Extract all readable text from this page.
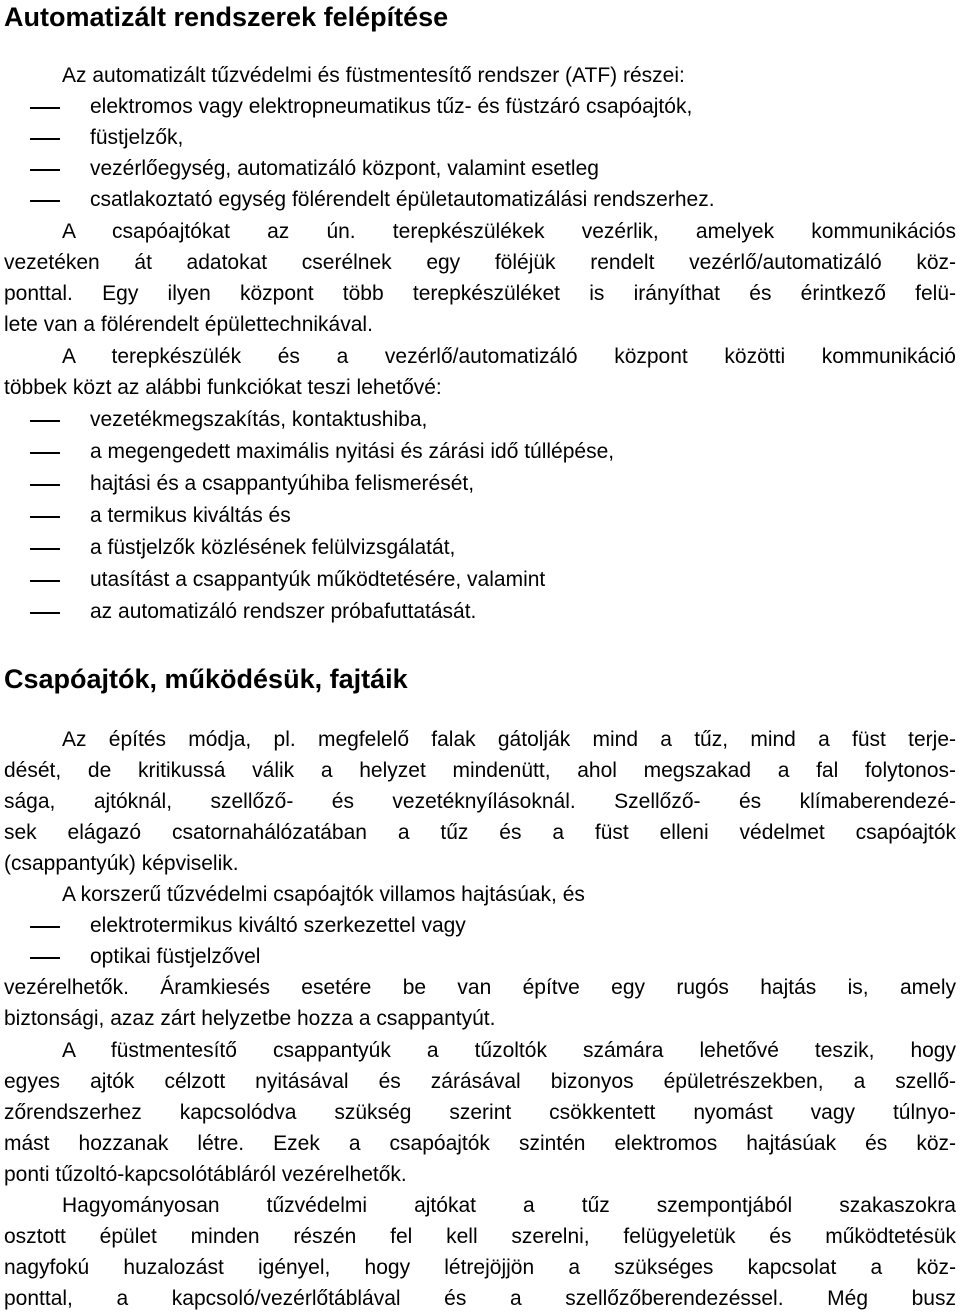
Automatizált rendszerek felépítése
Az automatizált tűzvédelmi és füstmentesítő rendszer (ATF) részei:
elektromos vagy elektropneumatikus tűz- és füstzáró csapóajtók,
füstjelzők,
vezérlőegység, automatizáló központ, valamint esetleg
csatlakoztató egység fölérendelt épületautomatizálási rendszerhez.
A csapóajtókat az ún. terepkészülékek vezérlik, amelyek kommunikációs
vezetéken át adatokat cserélnek egy föléjük rendelt vezérlő/automatizáló köz-
ponttal. Egy ilyen központ több terepkészüléket is irányíthat és érintkező felü-
lete van a fölérendelt épülettechnikával.
A terepkészülék és a vezérlő/automatizáló központ közötti kommunikáció
többek közt az alábbi funkciókat teszi lehetővé:
vezetékmegszakítás, kontaktushiba,
a megengedett maximális nyitási és zárási idő túllépése,
hajtási és a csappantyúhiba felismerését,
a termikus kiváltás és
a füstjelzők közlésének felülvizsgálatát,
utasítást a csappantyúk működtetésére, valamint
az automatizáló rendszer próbafuttatását.
Csapóajtók, működésük, fajtáik
Az építés módja, pl. megfelelő falak gátolják mind a tűz, mind a füst terje-
dését, de kritikussá válik a helyzet mindenütt, ahol megszakad a fal folytonos-
sága, ajtóknál, szellőző- és vezetéknyílásoknál. Szellőző- és klímaberendezé-
sek elágazó csatornahálózatában a tűz és a füst elleni védelmet csapóajtók
(csappantyúk) képviselik.
A korszerű tűzvédelmi csapóajtók villamos hajtásúak, és
elektrotermikus kiváltó szerkezettel vagy
optikai füstjelzővel
vezérelhetők. Áramkiesés esetére be van építve egy rugós hajtás is, amely
biztonsági, azaz zárt helyzetbe hozza a csappantyút.
A füstmentesítő csappantyúk a tűzoltók számára lehetővé teszik, hogy
egyes ajtók célzott nyitásával és zárásával bizonyos épületrészekben, a szellő-
zőrendszerhez kapcsolódva szükség szerint csökkentett nyomást vagy túlnyo-
mást hozzanak létre. Ezek a csapóajtók szintén elektromos hajtásúak és köz-
ponti tűzoltó-kapcsolótábláról vezérelhetők.
Hagyományosan tűzvédelmi ajtókat a tűz szempontjából szakaszokra
osztott épület minden részén fel kell szerelni, felügyeletük és működtetésük
nagyfokú huzalozást igényel, hogy létrejöjjön a szükséges kapcsolat a köz-
ponttal, a kapcsoló/vezérlőtáblával és a szellőzőberendezéssel. Még busz
